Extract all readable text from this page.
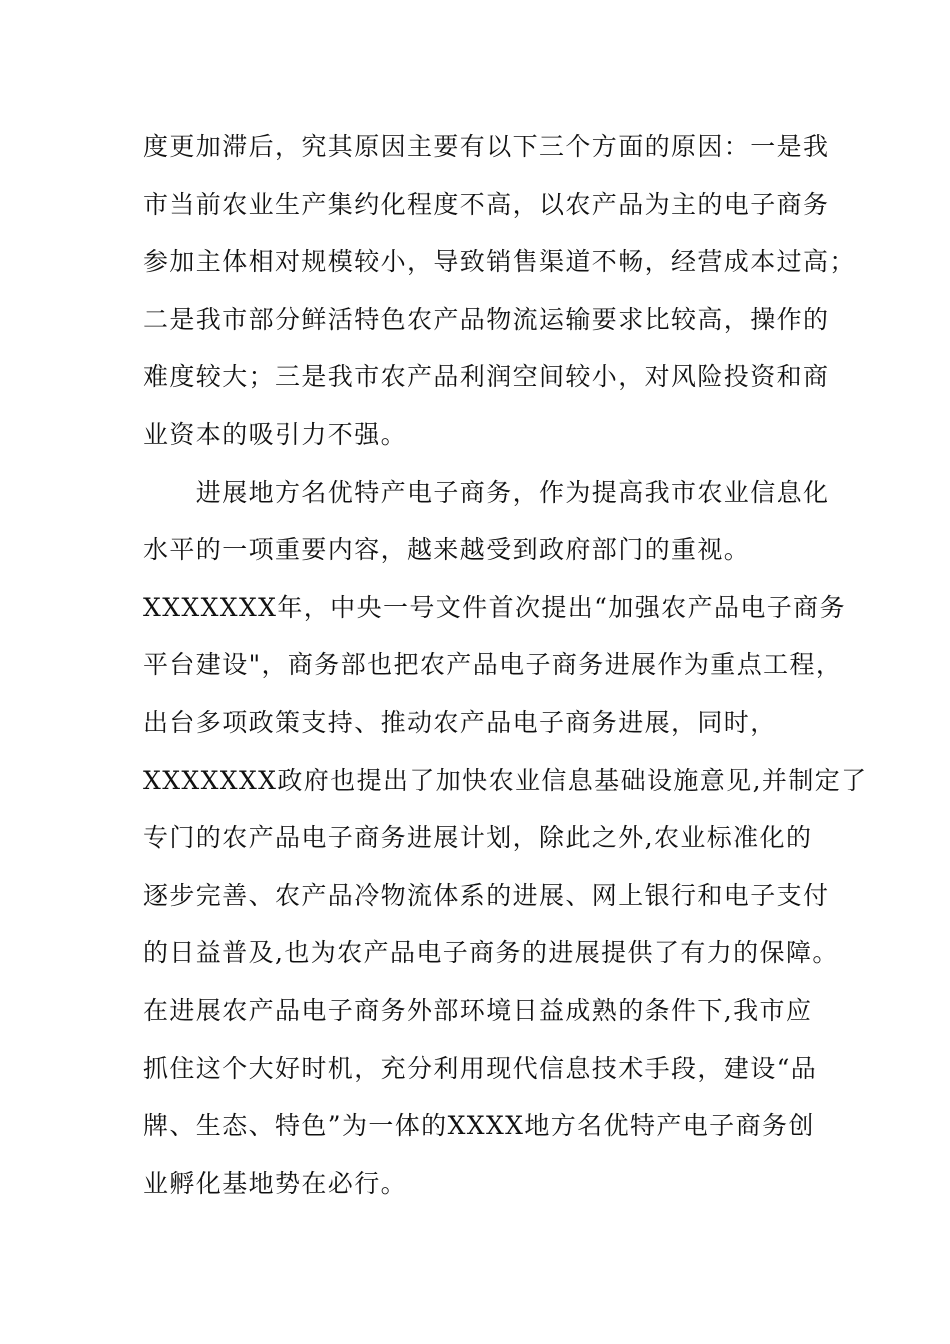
度更加滞后，究其原因主要有以下三个方面的原因：一是我
市当前农业生产集约化程度不高，以农产品为主的电子商务
参加主体相对规模较小，导致销售渠道不畅，经营成本过高；
二是我市部分鲜活特色农产品物流运输要求比较高，操作的
难度较大；三是我市农产品利润空间较小，对风险投资和商
业资本的吸引力不强。
　　进展地方名优特产电子商务，作为提高我市农业信息化
水平的一项重要内容，越来越受到政府部门的重视。
XXXXXXX年，中央一号文件首次提出“加强农产品电子商务
平台建设"，商务部也把农产品电子商务进展作为重点工程，
出台多项政策支持、推动农产品电子商务进展，同时，
XXXXXXX政府也提出了加快农业信息基础设施意见,并制定了
专门的农产品电子商务进展计划，除此之外,农业标准化的
逐步完善、农产品冷物流体系的进展、网上银行和电子支付
的日益普及,也为农产品电子商务的进展提供了有力的保障。
在进展农产品电子商务外部环境日益成熟的条件下,我市应
抓住这个大好时机，充分利用现代信息技术手段，建设“品
牌、生态、特色”为一体的XXXX地方名优特产电子商务创
业孵化基地势在必行。
